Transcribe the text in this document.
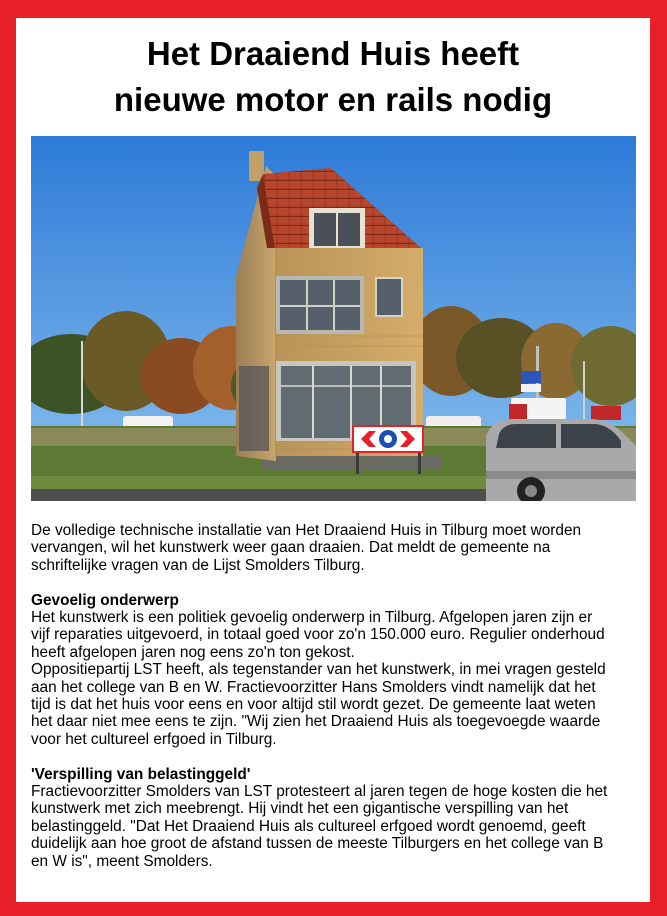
Het Draaiend Huis heeft
nieuwe motor en rails nodig

De volledige technische installatie van Het Draaiend Huis in Tilburg moet worden

vervangen, wil het kunstwerk weer gaan draaien. Dat meldt de gemeente na

schriftelijke vragen van de Lijst Smolders Tilburg.

Gevoelig onderwerp

Het kunstwerk is een politiek gevoelig onderwerp in Tilburg. Afgelopen jaren zijn er

vijf reparaties uitgevoerd, in totaal goed voor zo'n 150.000 euro. Regulier onderhoud

heeft afgelopen jaren nog eens zo'n ton gekost.

Oppositiepartij LST heeft, als tegenstander van het kunstwerk, in mei vragen gesteld

aan het college van B en W. Fractievoorzitter Hans Smolders vindt namelijk dat het

tijd is dat het huis voor eens en voor altijd stil wordt gezet. De gemeente laat weten

het daar niet mee eens te zijn. "Wij zien het Draaiend Huis als toegevoegde waarde

voor het cultureel erfgoed in Tilburg.

'Verspilling van belastinggeld'

Fractievoorzitter Smolders van LST protesteert al jaren tegen de hoge kosten die het

kunstwerk met zich meebrengt. Hij vindt het een gigantische verspilling van het

belastinggeld. "Dat Het Draaiend Huis als cultureel erfgoed wordt genoemd, geeft

duidelijk aan hoe groot de afstand tussen de meeste Tilburgers en het college van B

en W is", meent Smolders.
